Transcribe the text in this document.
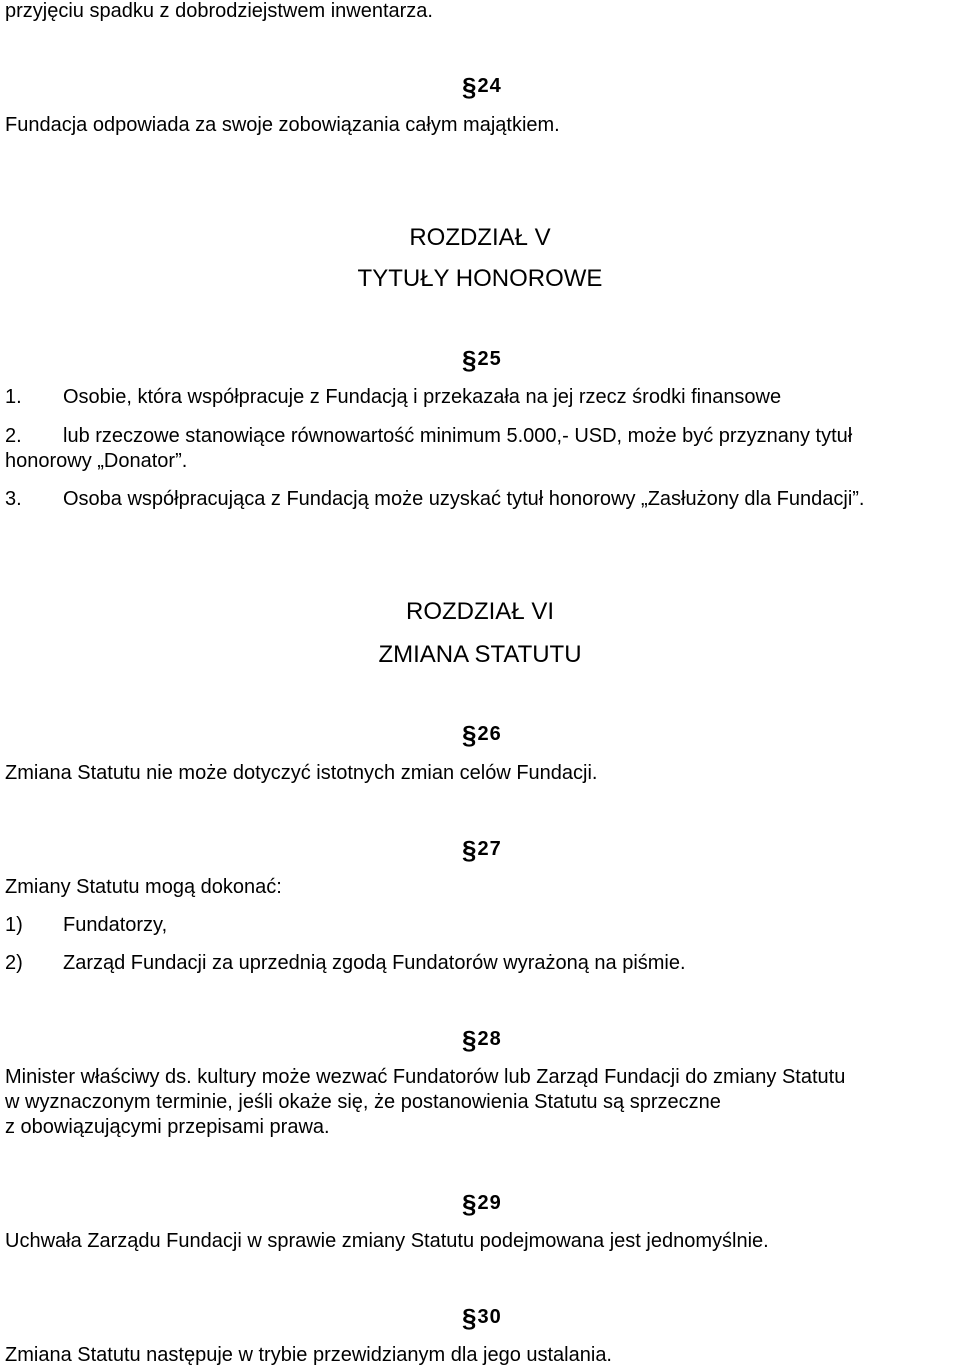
przyjęciu spadku z dobrodziejstwem inwentarza.
§24
Fundacja odpowiada za swoje zobowiązania całym majątkiem.
ROZDZIAŁ V
TYTUŁY HONOROWE
§25
1. Osobie, która współpracuje z Fundacją i przekazała na jej rzecz środki finansowe
2. lub rzeczowe stanowiące równowartość minimum 5.000,- USD, może być przyznany tytuł
honorowy „Donator”.
3. Osoba współpracująca z Fundacją może uzyskać tytuł honorowy „Zasłużony dla Fundacji”.
ROZDZIAŁ VI
ZMIANA STATUTU
§26
Zmiana Statutu nie może dotyczyć istotnych zmian celów Fundacji.
§27
Zmiany Statutu mogą dokonać:
1) Fundatorzy,
2) Zarząd Fundacji za uprzednią zgodą Fundatorów wyrażoną na piśmie.
§28
Minister właściwy ds. kultury może wezwać Fundatorów lub Zarząd Fundacji do zmiany Statutu
w wyznaczonym terminie, jeśli okaże się, że postanowienia Statutu są sprzeczne
z obowiązującymi przepisami prawa.
§29
Uchwała Zarządu Fundacji w sprawie zmiany Statutu podejmowana jest jednomyślnie.
§30
Zmiana Statutu następuje w trybie przewidzianym dla jego ustalania.
